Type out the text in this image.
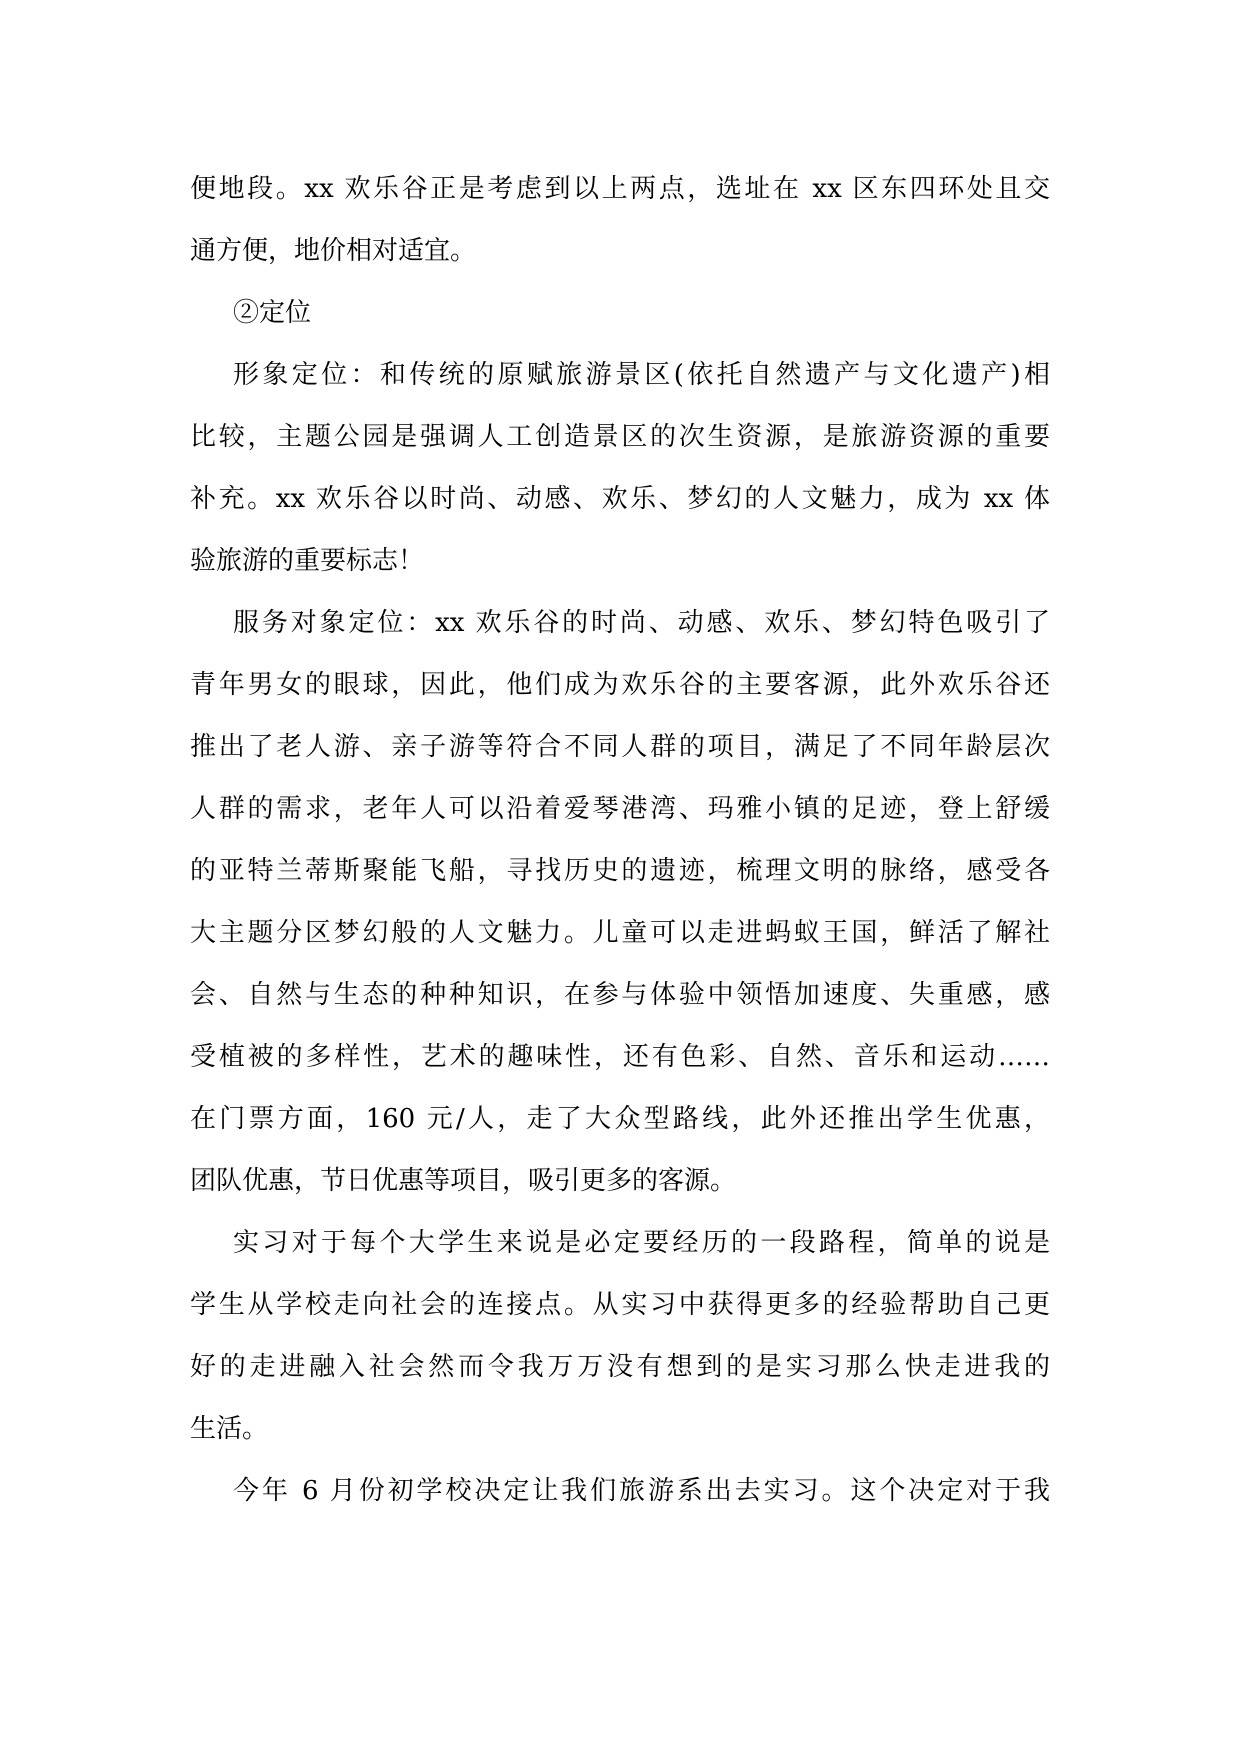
便地段。xx 欢乐谷正是考虑到以上两点，选址在 xx 区东四环处且交
通方便，地价相对适宜。
②定位
形象定位：和传统的原赋旅游景区(依托自然遗产与文化遗产)相
比较，主题公园是强调人工创造景区的次生资源，是旅游资源的重要
补充。xx 欢乐谷以时尚、动感、欢乐、梦幻的人文魅力，成为 xx 体
验旅游的重要标志！
服务对象定位：xx 欢乐谷的时尚、动感、欢乐、梦幻特色吸引了
青年男女的眼球，因此，他们成为欢乐谷的主要客源，此外欢乐谷还
推出了老人游、亲子游等符合不同人群的项目，满足了不同年龄层次
人群的需求，老年人可以沿着爱琴港湾、玛雅小镇的足迹，登上舒缓
的亚特兰蒂斯聚能飞船，寻找历史的遗迹，梳理文明的脉络，感受各
大主题分区梦幻般的人文魅力。儿童可以走进蚂蚁王国，鲜活了解社
会、自然与生态的种种知识，在参与体验中领悟加速度、失重感，感
受植被的多样性，艺术的趣味性，还有色彩、自然、音乐和运动……
在门票方面，160 元/人，走了大众型路线，此外还推出学生优惠，
团队优惠，节日优惠等项目，吸引更多的客源。
实习对于每个大学生来说是必定要经历的一段路程，简单的说是
学生从学校走向社会的连接点。从实习中获得更多的经验帮助自己更
好的走进融入社会然而令我万万没有想到的是实习那么快走进我的
生活。
今年 6 月份初学校决定让我们旅游系出去实习。这个决定对于我
